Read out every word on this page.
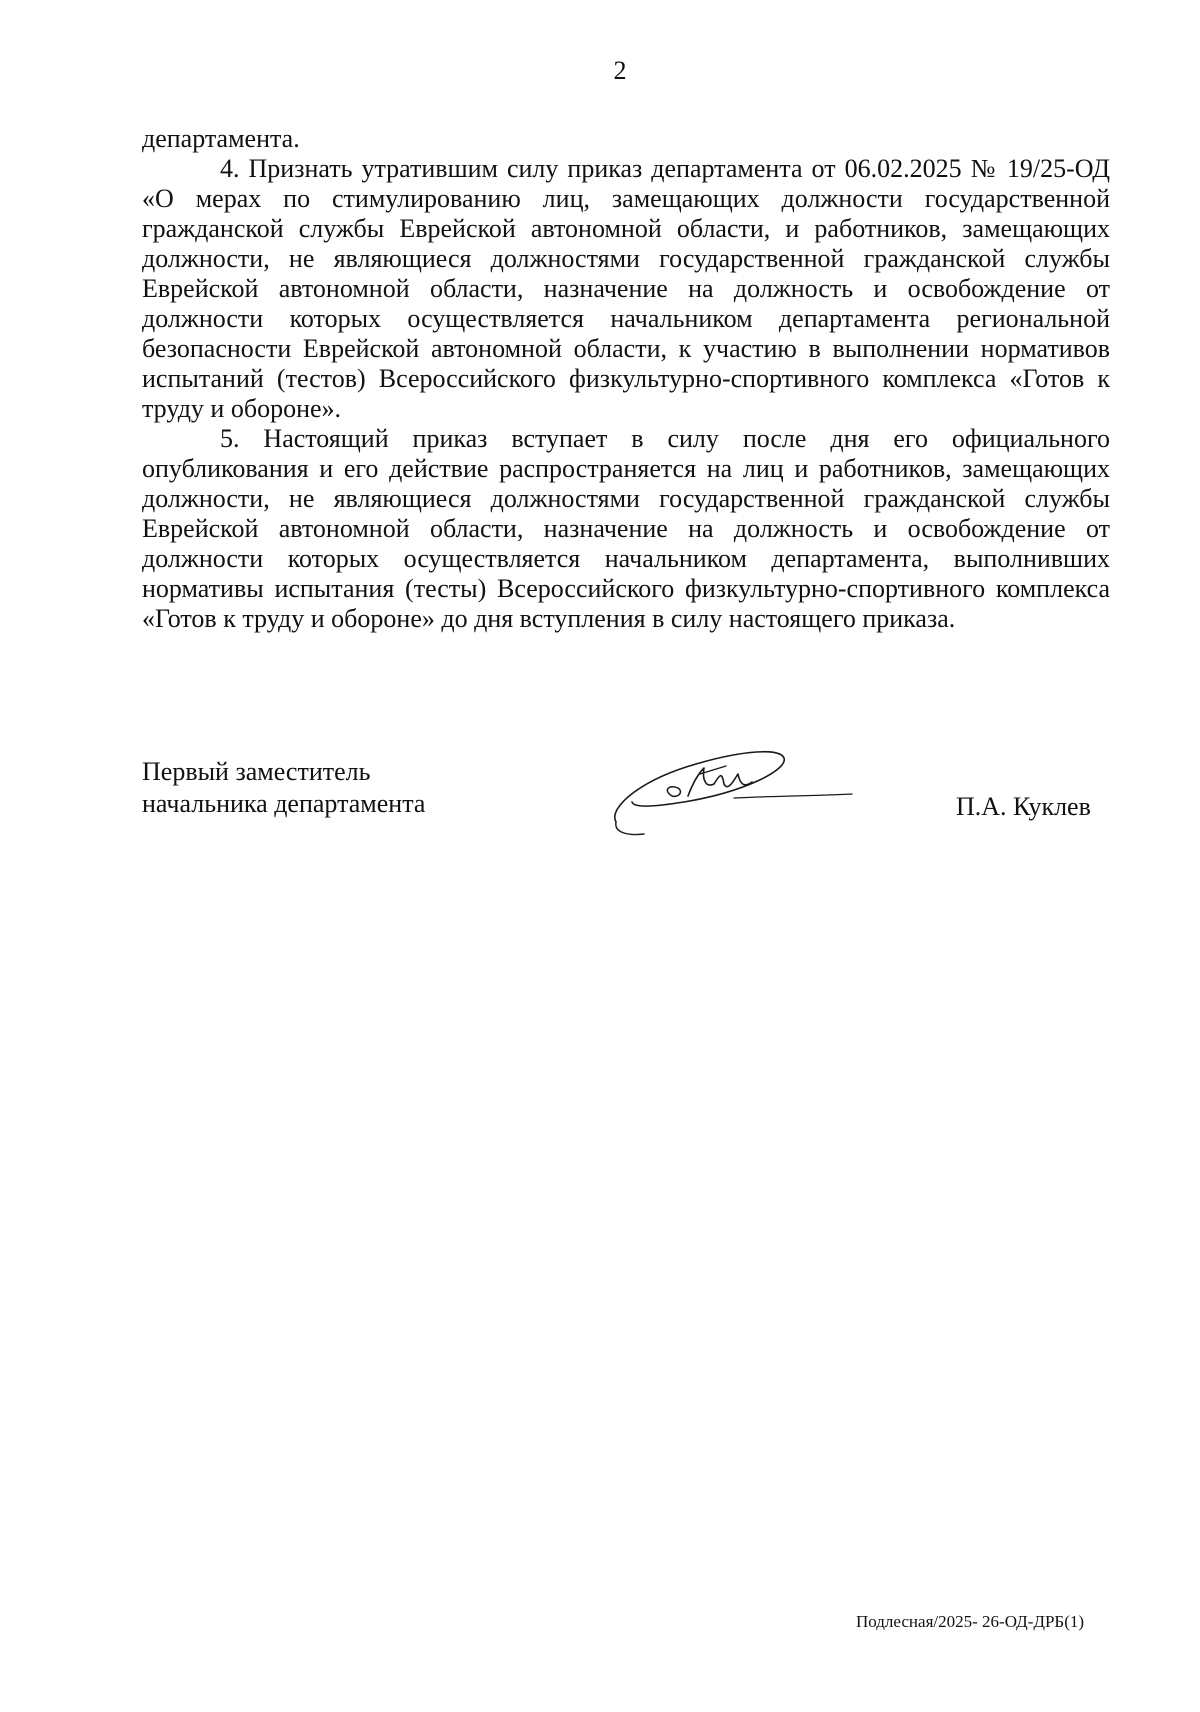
2

департамента.

4. Признать утратившим силу приказ департамента от 06.02.2025 № 19/25-ОД «О мерах по стимулированию лиц, замещающих должности государственной гражданской службы Еврейской автономной области, и работников, замещающих должности, не являющиеся должностями государственной гражданской службы Еврейской автономной области, назначение на должность и освобождение от должности которых осуществляется начальником департамента региональной безопасности Еврейской автономной области, к участию в выполнении нормативов испытаний (тестов) Всероссийского физкультурно-спортивного комплекса «Готов к труду и обороне».

5. Настоящий приказ вступает в силу после дня его официального опубликования и его действие распространяется на лиц и работников, замещающих должности, не являющиеся должностями государственной гражданской службы Еврейской автономной области, назначение на должность и освобождение от должности которых осуществляется начальником департамента, выполнивших нормативы испытания (тесты) Всероссийского физкультурно-спортивного комплекса «Готов к труду и обороне» до дня вступления в силу настоящего приказа.

Первый заместитель
начальника департамента	П.А. Куклев
Подлесная/2025- 26-ОД-ДРБ(1)
